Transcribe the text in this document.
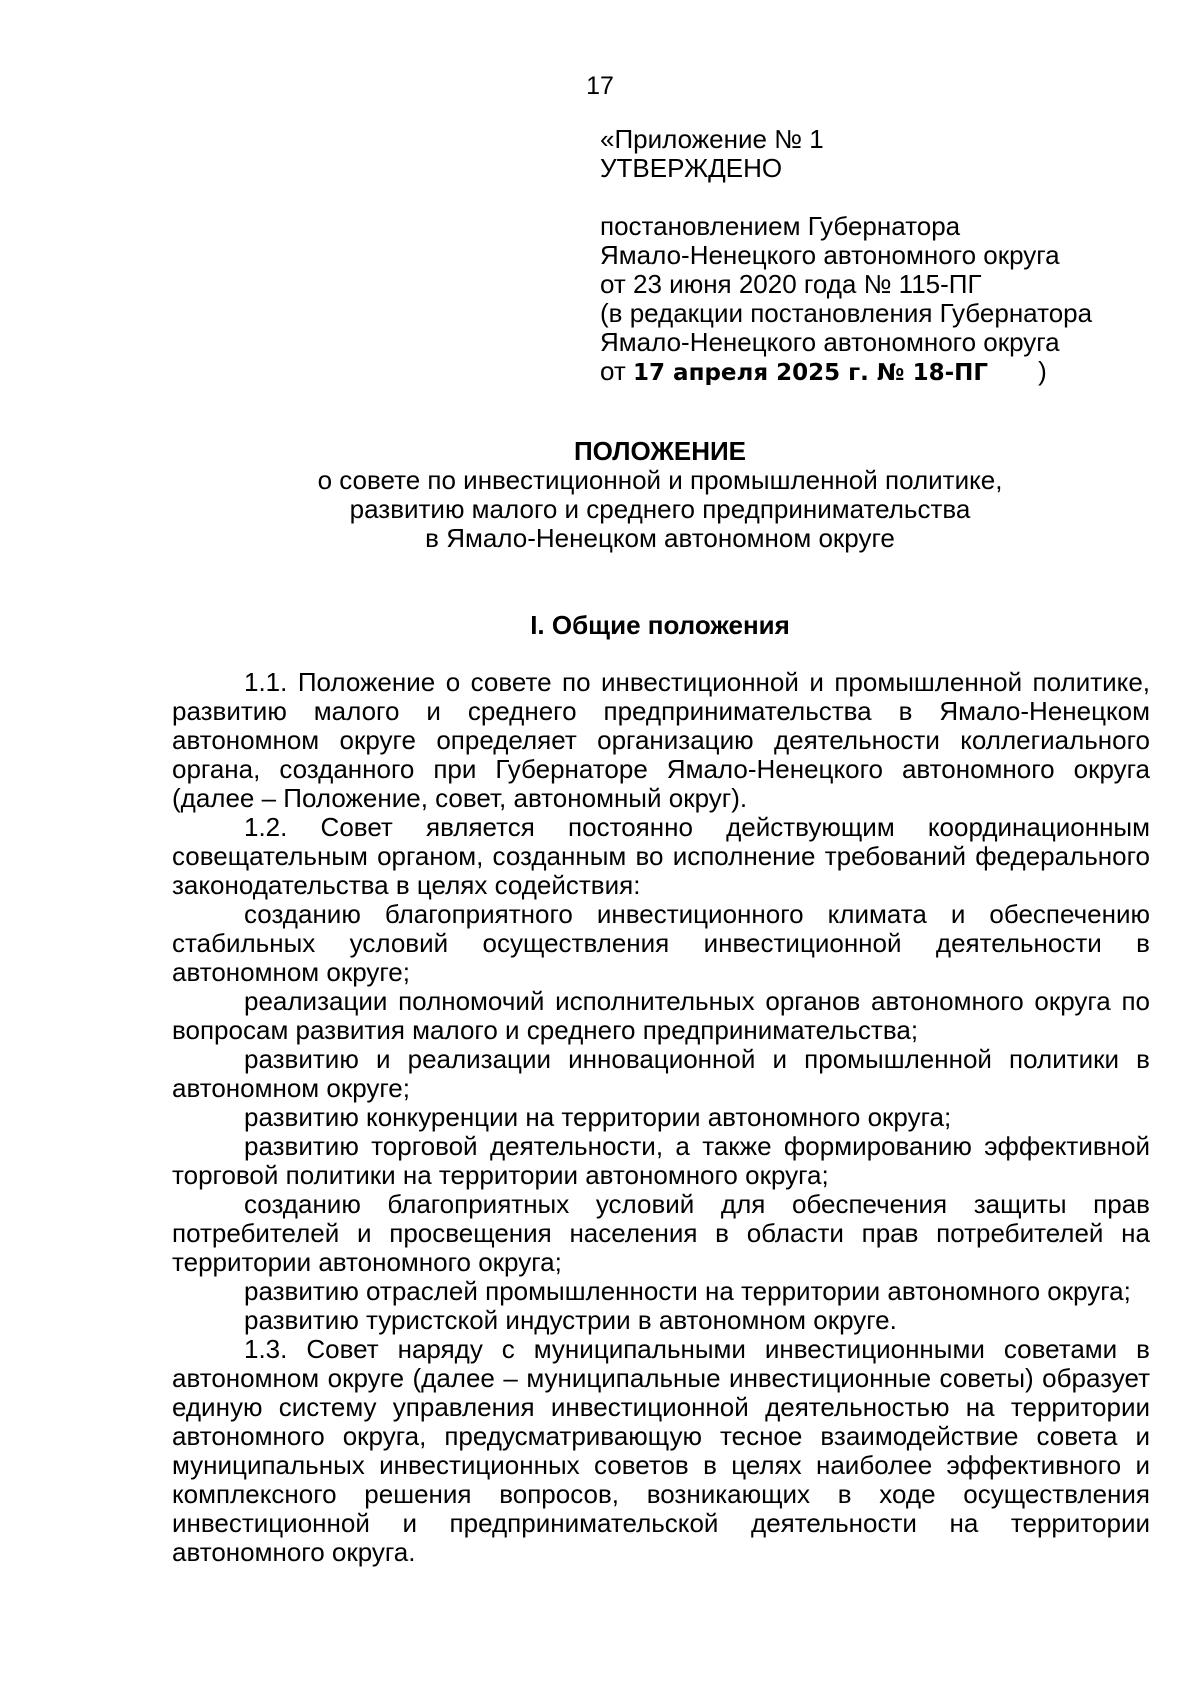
17
«Приложение № 1
УТВЕРЖДЕНО
постановлением Губернатора
Ямало-Ненецкого автономного округа
от 23 июня 2020 года № 115-ПГ
(в редакции постановления Губернатора
Ямало-Ненецкого автономного округа
от 17 апреля 2025 г. № 18-ПГ )
ПОЛОЖЕНИЕ
о совете по инвестиционной и промышленной политике,
развитию малого и среднего предпринимательства
в Ямало-Ненецком автономном округе
I. Общие положения

1.1. Положение о совете по инвестиционной и промышленной политике, развитию малого и среднего предпринимательства в Ямало-Ненецком автономном округе определяет организацию деятельности коллегиального органа, созданного при Губернаторе Ямало-Ненецкого автономного округа (далее – Положение, совет, автономный округ).

1.2. Совет является постоянно действующим координационным совещательным органом, созданным во исполнение требований федерального законодательства в целях содействия:

созданию благоприятного инвестиционного климата и обеспечению стабильных условий осуществления инвестиционной деятельности в автономном округе;

реализации полномочий исполнительных органов автономного округа по вопросам развития малого и среднего предпринимательства;

развитию и реализации инновационной и промышленной политики в автономном округе;

развитию конкуренции на территории автономного округа;

развитию торговой деятельности, а также формированию эффективной торговой политики на территории автономного округа;

созданию благоприятных условий для обеспечения защиты прав потребителей и просвещения населения в области прав потребителей на территории автономного округа;

развитию отраслей промышленности на территории автономного округа;

развитию туристской индустрии в автономном округе.

1.3. Совет наряду с муниципальными инвестиционными советами в автономном округе (далее – муниципальные инвестиционные советы) образует единую систему управления инвестиционной деятельностью на территории автономного округа, предусматривающую тесное взаимодействие совета и муниципальных инвестиционных советов в целях наиболее эффективного и комплексного решения вопросов, возникающих в ходе осуществления инвестиционной и предпринимательской деятельности на территории автономного округа.
